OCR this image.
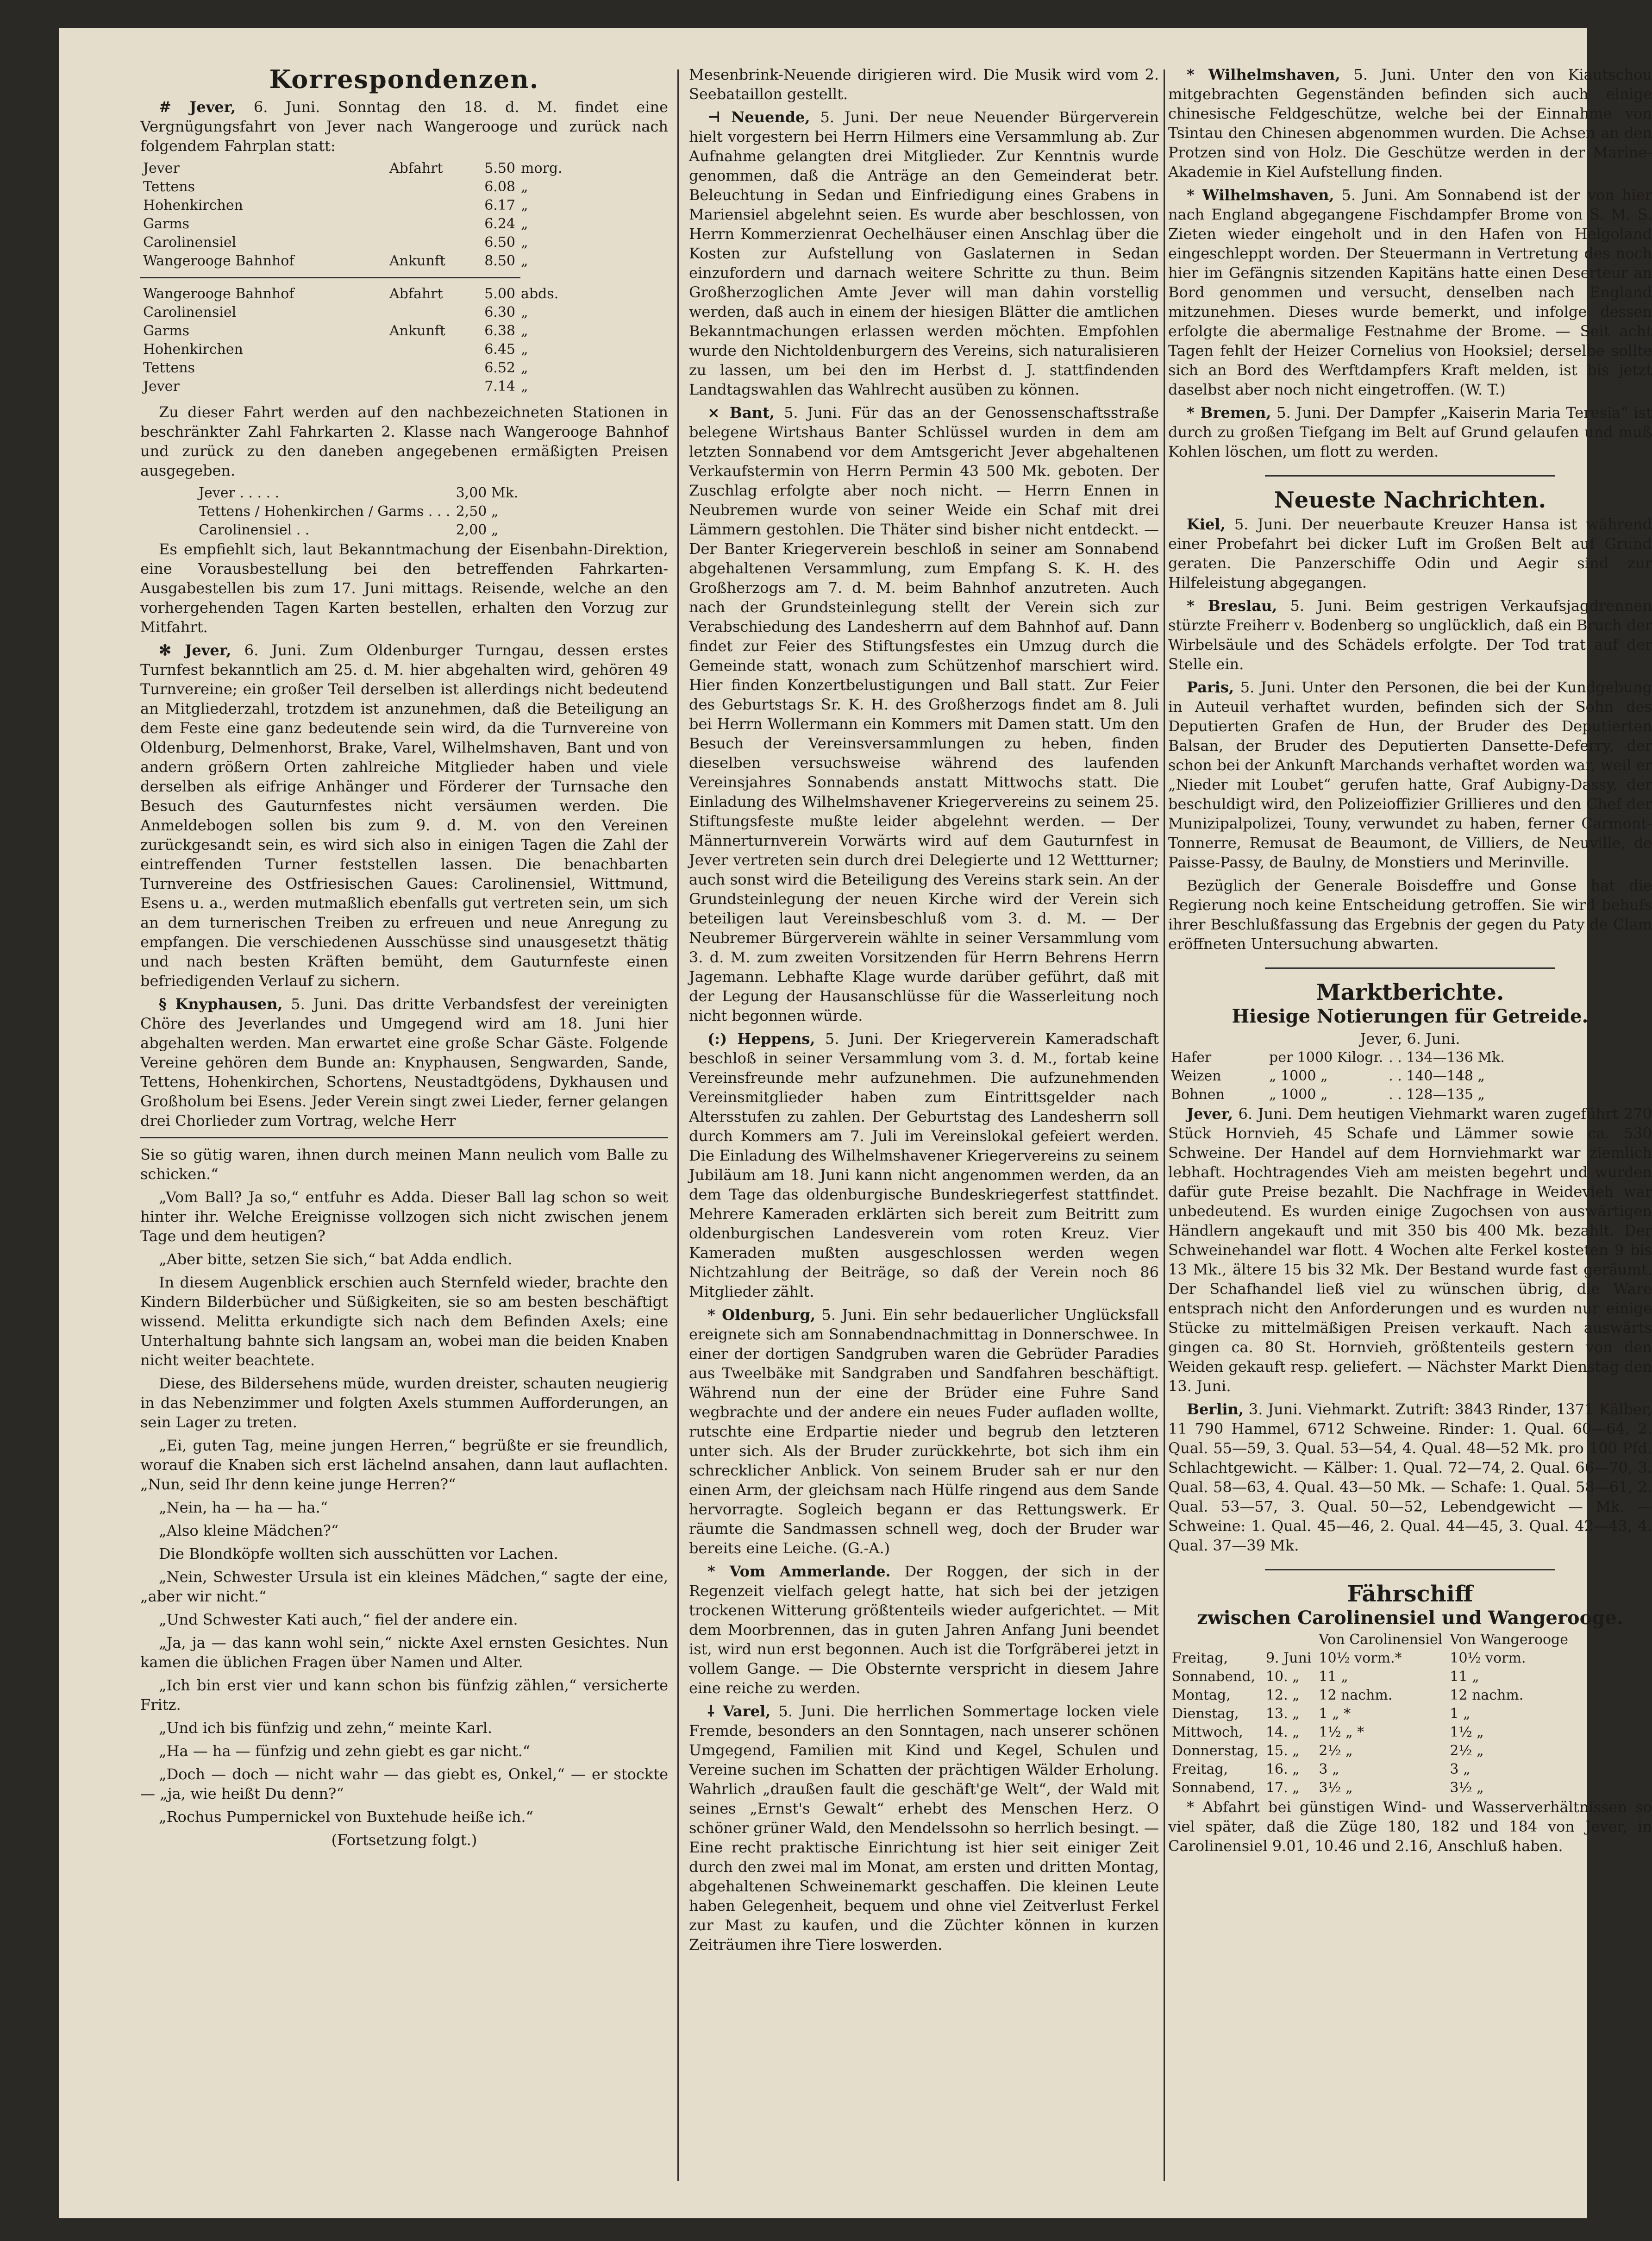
Korrespondenzen.

# Jever, 6. Juni. Sonntag den 18. d. M. findet eine Vergnügungsfahrt von Jever nach Wangerooge und zurück nach folgendem Fahrplan statt:

Jever	Abfahrt	5.50	morg.
Tettens		6.08	„
Hohenkirchen		6.17	„
Garms		6.24	„
Carolinensiel		6.50	„
Wangerooge Bahnhof	Ankunft	8.50	„
Wangerooge Bahnhof	Abfahrt	5.00	abds.
Carolinensiel		6.30	„
Garms	Ankunft	6.38	„
Hohenkirchen		6.45	„
Tettens		6.52	„
Jever		7.14	„

Zu dieser Fahrt werden auf den nachbezeichneten Stationen in beschränkter Zahl Fahrkarten 2. Klasse nach Wangerooge Bahnhof und zurück zu den daneben angegebenen ermäßigten Preisen ausgegeben.

Jever . . . . .	3,00 Mk.
Tettens / Hohenkirchen / Garms . . .	2,50 „
Carolinensiel . .	2,00 „

Es empfiehlt sich, laut Bekanntmachung der Eisenbahn-Direktion, eine Vorausbestellung bei den betreffenden Fahrkarten-Ausgabestellen bis zum 17. Juni mittags. Reisende, welche an den vorhergehenden Tagen Karten bestellen, erhalten den Vorzug zur Mitfahrt.

✻ Jever, 6. Juni. Zum Oldenburger Turngau, dessen erstes Turnfest bekanntlich am 25. d. M. hier abgehalten wird, gehören 49 Turnvereine; ein großer Teil derselben ist allerdings nicht bedeutend an Mitgliederzahl, trotzdem ist anzunehmen, daß die Beteiligung an dem Feste eine ganz bedeutende sein wird, da die Turnvereine von Oldenburg, Delmenhorst, Brake, Varel, Wilhelmshaven, Bant und von andern größern Orten zahlreiche Mitglieder haben und viele derselben als eifrige Anhänger und Förderer der Turnsache den Besuch des Gauturnfestes nicht versäumen werden. Die Anmeldebogen sollen bis zum 9. d. M. von den Vereinen zurückgesandt sein, es wird sich also in einigen Tagen die Zahl der eintreffenden Turner feststellen lassen. Die benachbarten Turnvereine des Ostfriesischen Gaues: Carolinensiel, Wittmund, Esens u. a., werden mutmaßlich ebenfalls gut vertreten sein, um sich an dem turnerischen Treiben zu erfreuen und neue Anregung zu empfangen. Die verschiedenen Ausschüsse sind unausgesetzt thätig und nach besten Kräften bemüht, dem Gauturnfeste einen befriedigenden Verlauf zu sichern.

§ Knyphausen, 5. Juni. Das dritte Verbandsfest der vereinigten Chöre des Jeverlandes und Umgegend wird am 18. Juni hier abgehalten werden. Man erwartet eine große Schar Gäste. Folgende Vereine gehören dem Bunde an: Knyphausen, Sengwarden, Sande, Tettens, Hohenkirchen, Schortens, Neustadtgödens, Dykhausen und Großholum bei Esens. Jeder Verein singt zwei Lieder, ferner gelangen drei Chorlieder zum Vortrag, welche Herr

Sie so gütig waren, ihnen durch meinen Mann neulich vom Balle zu schicken.“

„Vom Ball? Ja so,“ entfuhr es Adda. Dieser Ball lag schon so weit hinter ihr. Welche Ereignisse vollzogen sich nicht zwischen jenem Tage und dem heutigen?

„Aber bitte, setzen Sie sich,“ bat Adda endlich.

In diesem Augenblick erschien auch Sternfeld wieder, brachte den Kindern Bilderbücher und Süßigkeiten, sie so am besten beschäftigt wissend. Melitta erkundigte sich nach dem Befinden Axels; eine Unterhaltung bahnte sich langsam an, wobei man die beiden Knaben nicht weiter beachtete.

Diese, des Bildersehens müde, wurden dreister, schauten neugierig in das Nebenzimmer und folgten Axels stummen Aufforderungen, an sein Lager zu treten.

„Ei, guten Tag, meine jungen Herren,“ begrüßte er sie freundlich, worauf die Knaben sich erst lächelnd ansahen, dann laut auflachten. „Nun, seid Ihr denn keine junge Herren?“

„Nein, ha — ha — ha.“

„Also kleine Mädchen?“

Die Blondköpfe wollten sich ausschütten vor Lachen.

„Nein, Schwester Ursula ist ein kleines Mädchen,“ sagte der eine, „aber wir nicht.“

„Und Schwester Kati auch,“ fiel der andere ein.

„Ja, ja — das kann wohl sein,“ nickte Axel ernsten Gesichtes. Nun kamen die üblichen Fragen über Namen und Alter.

„Ich bin erst vier und kann schon bis fünfzig zählen,“ versicherte Fritz.

„Und ich bis fünfzig und zehn,“ meinte Karl.

„Ha — ha — fünfzig und zehn giebt es gar nicht.“

„Doch — doch — nicht wahr — das giebt es, Onkel,“ — er stockte — „ja, wie heißt Du denn?“

„Rochus Pumpernickel von Buxtehude heiße ich.“

(Fortsetzung folgt.)

Mesenbrink-Neuende dirigieren wird. Die Musik wird vom 2. Seebataillon gestellt.

⊣ Neuende, 5. Juni. Der neue Neuender Bürgerverein hielt vorgestern bei Herrn Hilmers eine Versammlung ab. Zur Aufnahme gelangten drei Mitglieder. Zur Kenntnis wurde genommen, daß die Anträge an den Gemeinderat betr. Beleuchtung in Sedan und Einfriedigung eines Grabens in Mariensiel abgelehnt seien. Es wurde aber beschlossen, von Herrn Kommerzienrat Oechelhäuser einen Anschlag über die Kosten zur Aufstellung von Gaslaternen in Sedan einzufordern und darnach weitere Schritte zu thun. Beim Großherzoglichen Amte Jever will man dahin vorstellig werden, daß auch in einem der hiesigen Blätter die amtlichen Bekanntmachungen erlassen werden möchten. Empfohlen wurde den Nichtoldenburgern des Vereins, sich naturalisieren zu lassen, um bei den im Herbst d. J. stattfindenden Landtagswahlen das Wahlrecht ausüben zu können.

⨯ Bant, 5. Juni. Für das an der Genossenschaftsstraße belegene Wirtshaus Banter Schlüssel wurden in dem am letzten Sonnabend vor dem Amtsgericht Jever abgehaltenen Verkaufstermin von Herrn Permin 43 500 Mk. geboten. Der Zuschlag erfolgte aber noch nicht. — Herrn Ennen in Neubremen wurde von seiner Weide ein Schaf mit drei Lämmern gestohlen. Die Thäter sind bisher nicht entdeckt. — Der Banter Kriegerverein beschloß in seiner am Sonnabend abgehaltenen Versammlung, zum Empfang S. K. H. des Großherzogs am 7. d. M. beim Bahnhof anzutreten. Auch nach der Grundsteinlegung stellt der Verein sich zur Verabschiedung des Landesherrn auf dem Bahnhof auf. Dann findet zur Feier des Stiftungsfestes ein Umzug durch die Gemeinde statt, wonach zum Schützenhof marschiert wird. Hier finden Konzertbelustigungen und Ball statt. Zur Feier des Geburtstags Sr. K. H. des Großherzogs findet am 8. Juli bei Herrn Wollermann ein Kommers mit Damen statt. Um den Besuch der Vereinsversammlungen zu heben, finden dieselben versuchsweise während des laufenden Vereinsjahres Sonnabends anstatt Mittwochs statt. Die Einladung des Wilhelmshavener Kriegervereins zu seinem 25. Stiftungsfeste mußte leider abgelehnt werden. — Der Männerturnverein Vorwärts wird auf dem Gauturnfest in Jever vertreten sein durch drei Delegierte und 12 Wettturner; auch sonst wird die Beteiligung des Vereins stark sein. An der Grundsteinlegung der neuen Kirche wird der Verein sich beteiligen laut Vereinsbeschluß vom 3. d. M. — Der Neubremer Bürgerverein wählte in seiner Versammlung vom 3. d. M. zum zweiten Vorsitzenden für Herrn Behrens Herrn Jagemann. Lebhafte Klage wurde darüber geführt, daß mit der Legung der Hausanschlüsse für die Wasserleitung noch nicht begonnen würde.

(:) Heppens, 5. Juni. Der Kriegerverein Kameradschaft beschloß in seiner Versammlung vom 3. d. M., fortab keine Vereinsfreunde mehr aufzunehmen. Die aufzunehmenden Vereinsmitglieder haben zum Eintrittsgelder nach Altersstufen zu zahlen. Der Geburtstag des Landesherrn soll durch Kommers am 7. Juli im Vereinslokal gefeiert werden. Die Einladung des Wilhelmshavener Kriegervereins zu seinem Jubiläum am 18. Juni kann nicht angenommen werden, da an dem Tage das oldenburgische Bundeskriegerfest stattfindet. Mehrere Kameraden erklärten sich bereit zum Beitritt zum oldenburgischen Landesverein vom roten Kreuz. Vier Kameraden mußten ausgeschlossen werden wegen Nichtzahlung der Beiträge, so daß der Verein noch 86 Mitglieder zählt.

* Oldenburg, 5. Juni. Ein sehr bedauerlicher Unglücksfall ereignete sich am Sonnabendnachmittag in Donnerschwee. In einer der dortigen Sandgruben waren die Gebrüder Paradies aus Tweelbäke mit Sandgraben und Sandfahren beschäftigt. Während nun der eine der Brüder eine Fuhre Sand wegbrachte und der andere ein neues Fuder aufladen wollte, rutschte eine Erdpartie nieder und begrub den letzteren unter sich. Als der Bruder zurückkehrte, bot sich ihm ein schrecklicher Anblick. Von seinem Bruder sah er nur den einen Arm, der gleichsam nach Hülfe ringend aus dem Sande hervorragte. Sogleich begann er das Rettungswerk. Er räumte die Sandmassen schnell weg, doch der Bruder war bereits eine Leiche. (G.-A.)

* Vom Ammerlande. Der Roggen, der sich in der Regenzeit vielfach gelegt hatte, hat sich bei der jetzigen trockenen Witterung größtenteils wieder aufgerichtet. — Mit dem Moorbrennen, das in guten Jahren Anfang Juni beendet ist, wird nun erst begonnen. Auch ist die Torfgräberei jetzt in vollem Gange. — Die Obsternte verspricht in diesem Jahre eine reiche zu werden.

⸸ Varel, 5. Juni. Die herrlichen Sommertage locken viele Fremde, besonders an den Sonntagen, nach unserer schönen Umgegend, Familien mit Kind und Kegel, Schulen und Vereine suchen im Schatten der prächtigen Wälder Erholung. Wahrlich „draußen fault die geschäft'ge Welt“, der Wald mit seines „Ernst's Gewalt“ erhebt des Menschen Herz. O schöner grüner Wald, den Mendelssohn so herrlich besingt. — Eine recht praktische Einrichtung ist hier seit einiger Zeit durch den zwei mal im Monat, am ersten und dritten Montag, abgehaltenen Schweinemarkt geschaffen. Die kleinen Leute haben Gelegenheit, bequem und ohne viel Zeitverlust Ferkel zur Mast zu kaufen, und die Züchter können in kurzen Zeiträumen ihre Tiere loswerden.

* Wilhelmshaven, 5. Juni. Unter den von Kiautschou mitgebrachten Gegenständen befinden sich auch einige chinesische Feldgeschütze, welche bei der Einnahme von Tsintau den Chinesen abgenommen wurden. Die Achsen an den Protzen sind von Holz. Die Geschütze werden in der Marine-Akademie in Kiel Aufstellung finden.

* Wilhelmshaven, 5. Juni. Am Sonnabend ist der von hier nach England abgegangene Fischdampfer Brome von S. M. S. Zieten wieder eingeholt und in den Hafen von Helgoland eingeschleppt worden. Der Steuermann in Vertretung des noch hier im Gefängnis sitzenden Kapitäns hatte einen Deserteur an Bord genommen und versucht, denselben nach England mitzunehmen. Dieses wurde bemerkt, und infolge dessen erfolgte die abermalige Festnahme der Brome. — Seit acht Tagen fehlt der Heizer Cornelius von Hooksiel; derselbe sollte sich an Bord des Werftdampfers Kraft melden, ist bis jetzt daselbst aber noch nicht eingetroffen. (W. T.)

* Bremen, 5. Juni. Der Dampfer „Kaiserin Maria Teresia“ ist durch zu großen Tiefgang im Belt auf Grund gelaufen und muß Kohlen löschen, um flott zu werden.

Neueste Nachrichten.

Kiel, 5. Juni. Der neuerbaute Kreuzer Hansa ist während einer Probefahrt bei dicker Luft im Großen Belt auf Grund geraten. Die Panzerschiffe Odin und Aegir sind zur Hilfeleistung abgegangen.

* Breslau, 5. Juni. Beim gestrigen Verkaufsjagdrennen stürzte Freiherr v. Bodenberg so unglücklich, daß ein Bruch der Wirbelsäule und des Schädels erfolgte. Der Tod trat auf der Stelle ein.

Paris, 5. Juni. Unter den Personen, die bei der Kundgebung in Auteuil verhaftet wurden, befinden sich der Sohn des Deputierten Grafen de Hun, der Bruder des Deputierten Balsan, der Bruder des Deputierten Dansette-Deferry, der schon bei der Ankunft Marchands verhaftet worden war, weil er „Nieder mit Loubet“ gerufen hatte, Graf Aubigny-Dassy, der beschuldigt wird, den Polizeioffizier Grillieres und den Chef der Munizipalpolizei, Touny, verwundet zu haben, ferner Carmont-Tonnerre, Remusat de Beaumont, de Villiers, de Neuville, de Paisse-Passy, de Baulny, de Monstiers und Merinville.

Bezüglich der Generale Boisdeffre und Gonse hat die Regierung noch keine Entscheidung getroffen. Sie wird behufs ihrer Beschlußfassung das Ergebnis der gegen du Paty de Clam eröffneten Untersuchung abwarten.

Marktberichte.
Hiesige Notierungen für Getreide.
Jever, 6. Juni.
Hafer	per 1000 Kilogr.	. . 134—136 Mk.
Weizen	„ 1000 „	. . 140—148 „
Bohnen	„ 1000 „	. . 128—135 „

Jever, 6. Juni. Dem heutigen Viehmarkt waren zugeführt 270 Stück Hornvieh, 45 Schafe und Lämmer sowie ca. 530 Schweine. Der Handel auf dem Hornviehmarkt war ziemlich lebhaft. Hochtragendes Vieh am meisten begehrt und wurden dafür gute Preise bezahlt. Die Nachfrage in Weidevieh war unbedeutend. Es wurden einige Zugochsen von auswärtigen Händlern angekauft und mit 350 bis 400 Mk. bezahlt. Der Schweinehandel war flott. 4 Wochen alte Ferkel kosteten 9 bis 13 Mk., ältere 15 bis 32 Mk. Der Bestand wurde fast geräumt. Der Schafhandel ließ viel zu wünschen übrig, die Ware entsprach nicht den Anforderungen und es wurden nur einige Stücke zu mittelmäßigen Preisen verkauft. Nach auswärts gingen ca. 80 St. Hornvieh, größtenteils gestern von den Weiden gekauft resp. geliefert. — Nächster Markt Dienstag den 13. Juni.

Berlin, 3. Juni. Viehmarkt. Zutrift: 3843 Rinder, 1371 Kälber, 11 790 Hammel, 6712 Schweine. Rinder: 1. Qual. 60—64, 2. Qual. 55—59, 3. Qual. 53—54, 4. Qual. 48—52 Mk. pro 100 Pfd. Schlachtgewicht. — Kälber: 1. Qual. 72—74, 2. Qual. 66—70, 3. Qual. 58—63, 4. Qual. 43—50 Mk. — Schafe: 1. Qual. 58—61, 2. Qual. 53—57, 3. Qual. 50—52, Lebendgewicht — Mk. — Schweine: 1. Qual. 45—46, 2. Qual. 44—45, 3. Qual. 42—43, 4. Qual. 37—39 Mk.

Fährschiff
zwischen Carolinensiel und Wangerooge.
		Von Carolinensiel	Von Wangerooge
Freitag,	9. Juni	10½ vorm.*	10½ vorm.
Sonnabend,	10. „	11 „	11 „
Montag,	12. „	12 nachm.	12 nachm.
Dienstag,	13. „	1 „ *	1 „
Mittwoch,	14. „	1½ „ *	1½ „
Donnerstag,	15. „	2½ „	2½ „
Freitag,	16. „	3 „	3 „
Sonnabend,	17. „	3½ „	3½ „

* Abfahrt bei günstigen Wind- und Wasserverhältnissen so viel später, daß die Züge 180, 182 und 184 von Jever, in Carolinensiel 9.01, 10.46 und 2.16, Anschluß haben.
